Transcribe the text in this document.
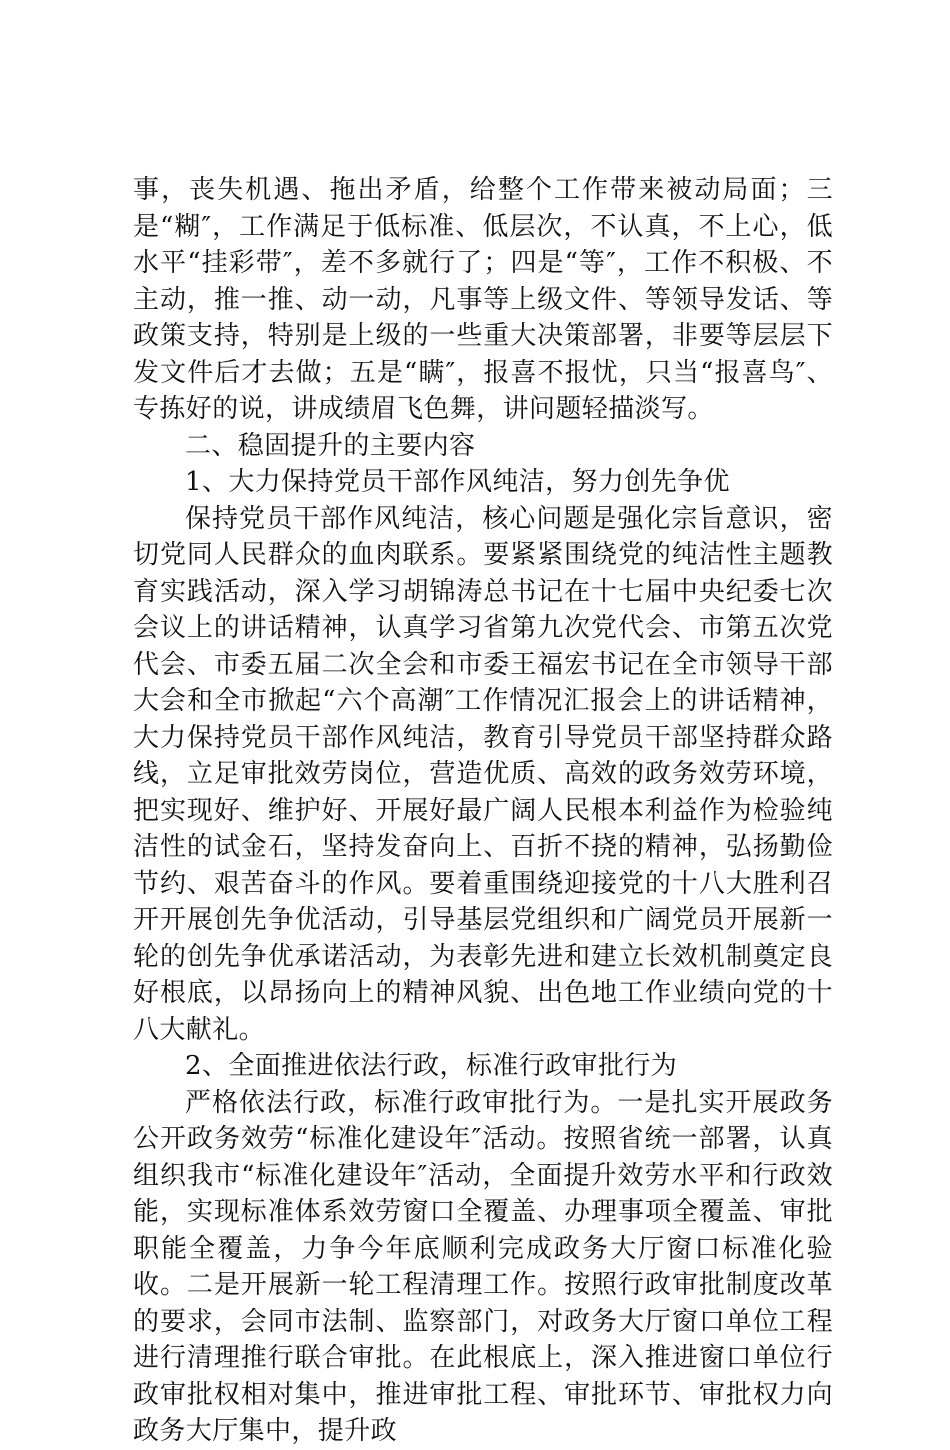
事，丧失机遇、拖出矛盾，给整个工作带来被动局面；三是“糊″，工作满足于低标准、低层次，不认真，不上心，低水平“挂彩带″，差不多就行了；四是“等″，工作不积极、不主动，推一推、动一动，凡事等上级文件、等领导发话、等政策支持，特别是上级的一些重大决策部署，非要等层层下发文件后才去做；五是“瞒″，报喜不报忧，只当“报喜鸟″、专拣好的说，讲成绩眉飞色舞，讲问题轻描淡写。

二、稳固提升的主要内容

1、大力保持党员干部作风纯洁，努力创先争优

保持党员干部作风纯洁，核心问题是强化宗旨意识，密切党同人民群众的血肉联系。要紧紧围绕党的纯洁性主题教育实践活动，深入学习胡锦涛总书记在十七届中央纪委七次会议上的讲话精神，认真学习省第九次党代会、市第五次党代会、市委五届二次全会和市委王福宏书记在全市领导干部大会和全市掀起“六个高潮″工作情况汇报会上的讲话精神，大力保持党员干部作风纯洁，教育引导党员干部坚持群众路线，立足审批效劳岗位，营造优质、高效的政务效劳环境，把实现好、维护好、开展好最广阔人民根本利益作为检验纯洁性的试金石，坚持发奋向上、百折不挠的精神，弘扬勤俭节约、艰苦奋斗的作风。要着重围绕迎接党的十八大胜利召开开展创先争优活动，引导基层党组织和广阔党员开展新一轮的创先争优承诺活动，为表彰先进和建立长效机制奠定良好根底，以昂扬向上的精神风貌、出色地工作业绩向党的十八大献礼。

2、全面推进依法行政，标准行政审批行为

严格依法行政，标准行政审批行为。一是扎实开展政务公开政务效劳“标准化建设年″活动。按照省统一部署，认真组织我市“标准化建设年″活动，全面提升效劳水平和行政效能，实现标准体系效劳窗口全覆盖、办理事项全覆盖、审批职能全覆盖，力争今年底顺利完成政务大厅窗口标准化验收。二是开展新一轮工程清理工作。按照行政审批制度改革的要求，会同市法制、监察部门，对政务大厅窗口单位工程进行清理推行联合审批。在此根底上，深入推进窗口单位行政审批权相对集中，推进审批工程、审批环节、审批权力向政务大厅集中，提升政
